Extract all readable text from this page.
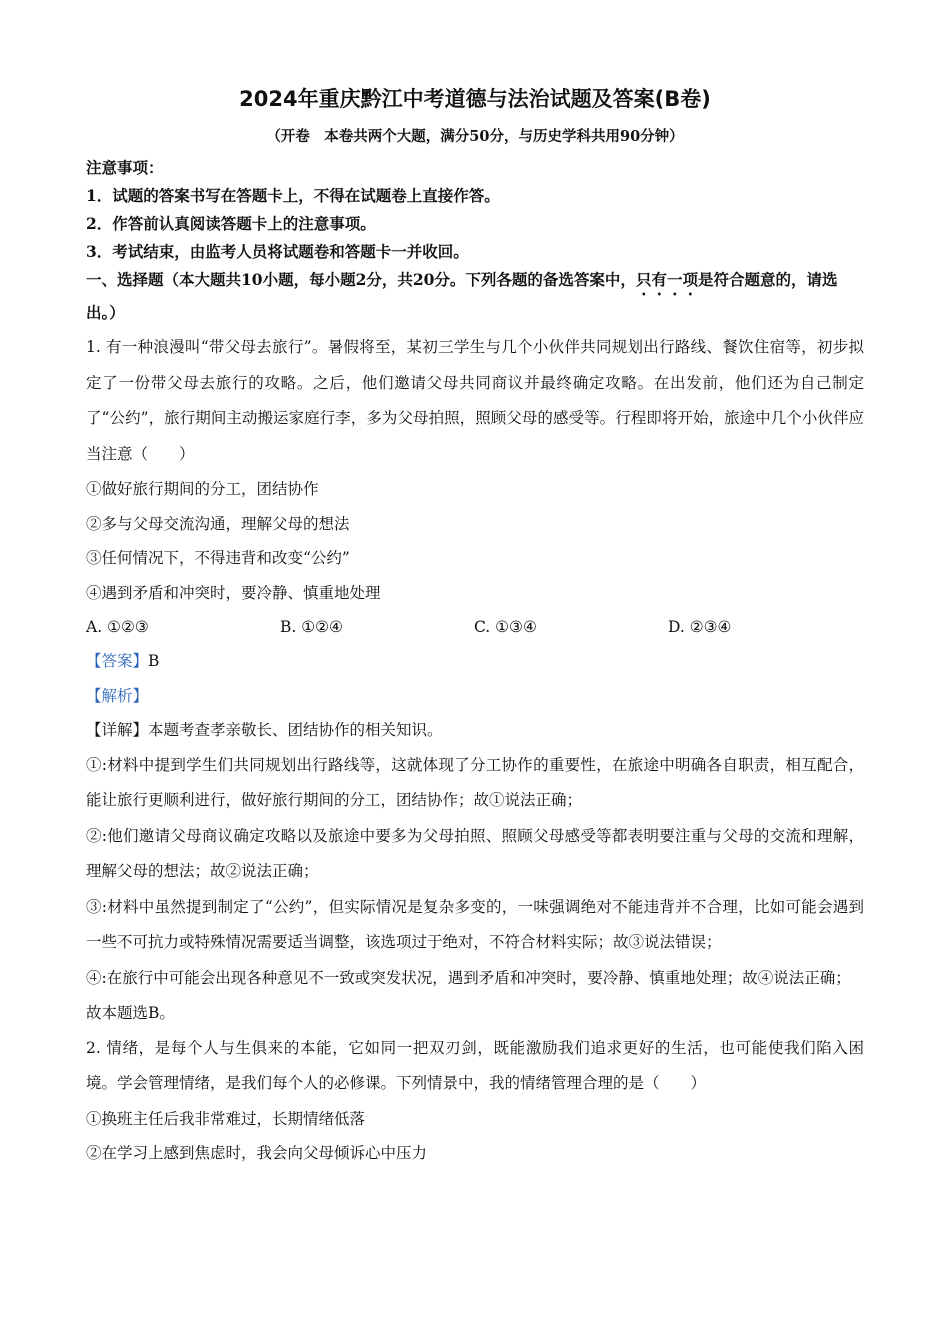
2024年重庆黔江中考道德与法治试题及答案(B卷)
（开卷　本卷共两个大题，满分50分，与历史学科共用90分钟）

注意事项：

1．试题的答案书写在答题卡上，不得在试题卷上直接作答。

2．作答前认真阅读答题卡上的注意事项。

3．考试结束，由监考人员将试题卷和答题卡一并收回。

一、选择题（本大题共10小题，每小题2分，共20分。下列各题的备选答案中，只有一项是符合题意的，请选出。）

1. 有一种浪漫叫“带父母去旅行”。暑假将至，某初三学生与几个小伙伴共同规划出行路线、餐饮住宿等，初步拟定了一份带父母去旅行的攻略。之后，他们邀请父母共同商议并最终确定攻略。在出发前，他们还为自己制定了“公约”，旅行期间主动搬运家庭行李，多为父母拍照，照顾父母的感受等。行程即将开始，旅途中几个小伙伴应当注意（　　）

①做好旅行期间的分工，团结协作

②多与父母交流沟通，理解父母的想法

③任何情况下，不得违背和改变“公约”

④遇到矛盾和冲突时，要冷静、慎重地处理

A. ①②③	B. ①②④	C. ①③④	D. ②③④

【答案】B

【解析】

【详解】本题考查孝亲敬长、团结协作的相关知识。

①:材料中提到学生们共同规划出行路线等，这就体现了分工协作的重要性，在旅途中明确各自职责，相互配合，能让旅行更顺利进行，做好旅行期间的分工，团结协作；故①说法正确；

②:他们邀请父母商议确定攻略以及旅途中要多为父母拍照、照顾父母感受等都表明要注重与父母的交流和理解，理解父母的想法；故②说法正确；

③:材料中虽然提到制定了“公约”，但实际情况是复杂多变的，一味强调绝对不能违背并不合理，比如可能会遇到一些不可抗力或特殊情况需要适当调整，该选项过于绝对，不符合材料实际；故③说法错误；

④:在旅行中可能会出现各种意见不一致或突发状况，遇到矛盾和冲突时，要冷静、慎重地处理；故④说法正确；

故本题选B。

2. 情绪，是每个人与生俱来的本能，它如同一把双刃剑，既能激励我们追求更好的生活，也可能使我们陷入困境。学会管理情绪，是我们每个人的必修课。下列情景中，我的情绪管理合理的是（　　）

①换班主任后我非常难过，长期情绪低落

②在学习上感到焦虑时，我会向父母倾诉心中压力
